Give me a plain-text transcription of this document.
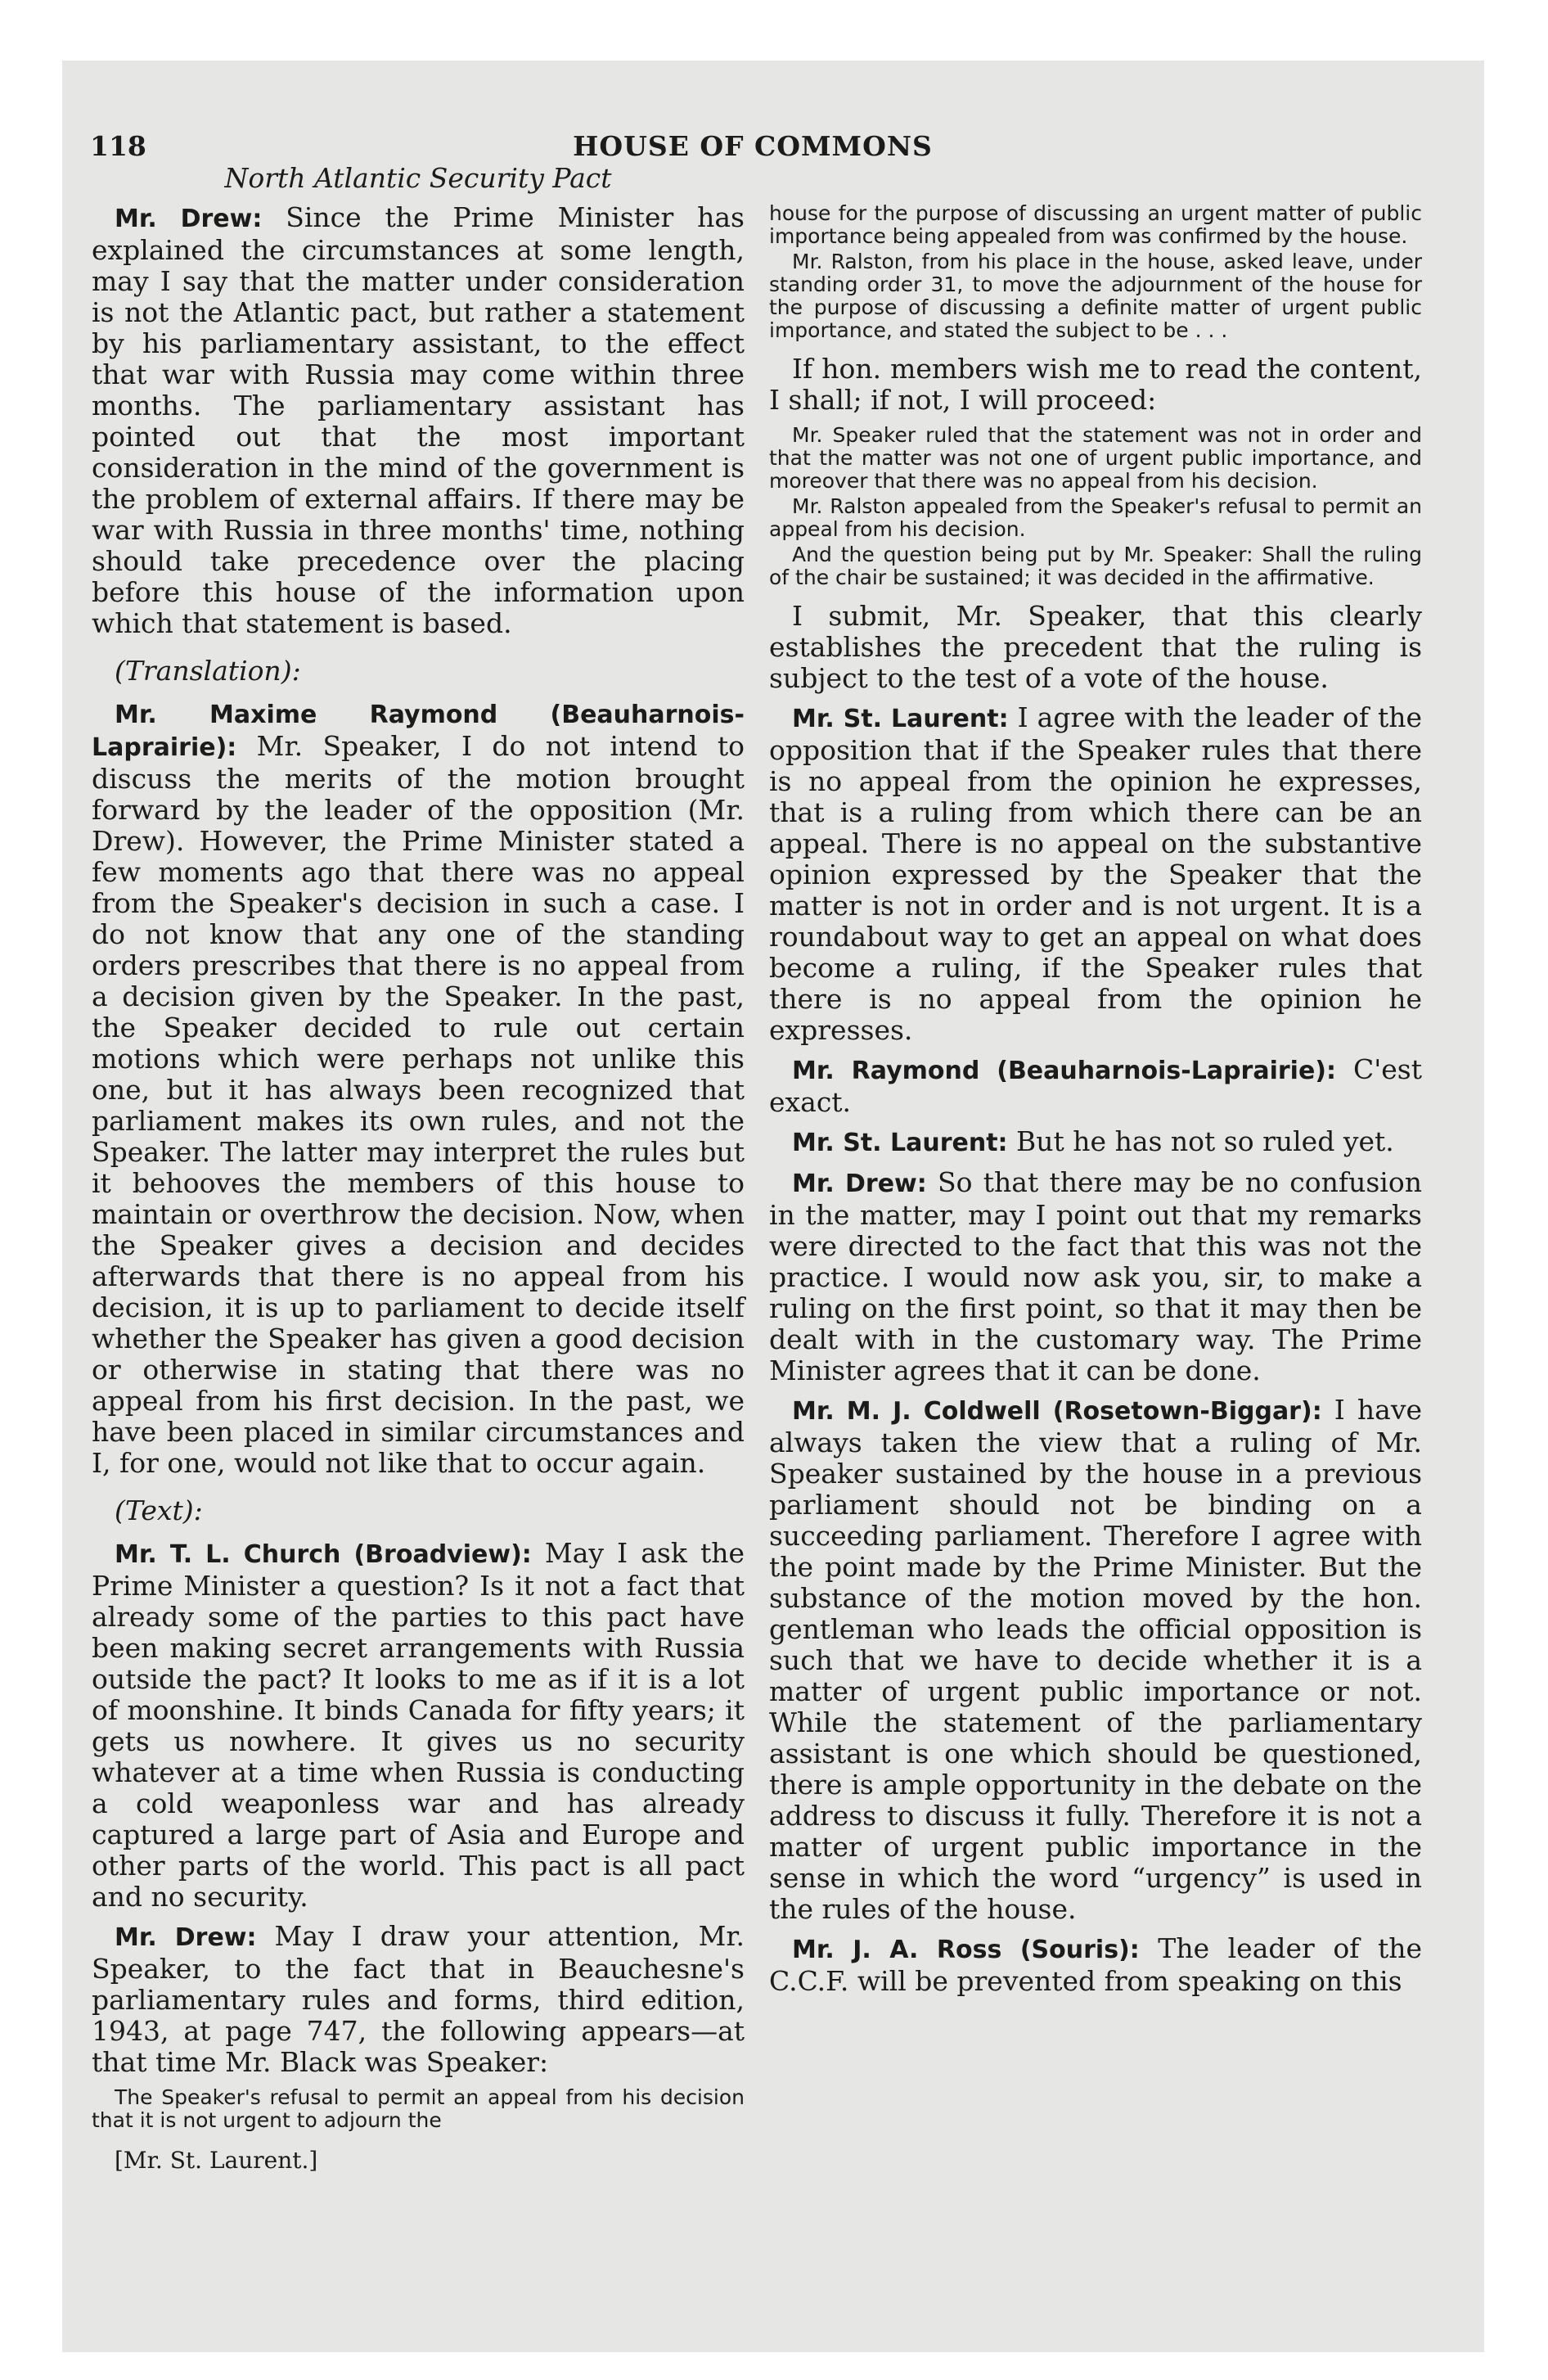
118	HOUSE OF COMMONS
North Atlantic Security Pact

Mr. Drew: Since the Prime Minister has explained the circumstances at some length, may I say that the matter under consideration is not the Atlantic pact, but rather a statement by his parliamentary assistant, to the effect that war with Russia may come within three months. The parliamentary assistant has pointed out that the most important consideration in the mind of the government is the problem of external affairs. If there may be war with Russia in three months' time, nothing should take precedence over the placing before this house of the information upon which that statement is based.

(Translation):

Mr. Maxime Raymond (Beauharnois-Laprairie): Mr. Speaker, I do not intend to discuss the merits of the motion brought forward by the leader of the opposition (Mr. Drew). However, the Prime Minister stated a few moments ago that there was no appeal from the Speaker's decision in such a case. I do not know that any one of the standing orders prescribes that there is no appeal from a decision given by the Speaker. In the past, the Speaker decided to rule out certain motions which were perhaps not unlike this one, but it has always been recognized that parliament makes its own rules, and not the Speaker. The latter may interpret the rules but it behooves the members of this house to maintain or overthrow the decision. Now, when the Speaker gives a decision and decides afterwards that there is no appeal from his decision, it is up to parliament to decide itself whether the Speaker has given a good decision or otherwise in stating that there was no appeal from his first decision. In the past, we have been placed in similar circumstances and I, for one, would not like that to occur again.

(Text):

Mr. T. L. Church (Broadview): May I ask the Prime Minister a question? Is it not a fact that already some of the parties to this pact have been making secret arrangements with Russia outside the pact? It looks to me as if it is a lot of moonshine. It binds Canada for fifty years; it gets us nowhere. It gives us no security whatever at a time when Russia is conducting a cold weaponless war and has already captured a large part of Asia and Europe and other parts of the world. This pact is all pact and no security.

Mr. Drew: May I draw your attention, Mr. Speaker, to the fact that in Beauchesne's parliamentary rules and forms, third edition, 1943, at page 747, the following appears—at that time Mr. Black was Speaker:

The Speaker's refusal to permit an appeal from his decision that it is not urgent to adjourn the
[Mr. St. Laurent.]
house for the purpose of discussing an urgent matter of public importance being appealed from was confirmed by the house.
Mr. Ralston, from his place in the house, asked leave, under standing order 31, to move the adjournment of the house for the purpose of discussing a definite matter of urgent public importance, and stated the subject to be . . .

If hon. members wish me to read the content, I shall; if not, I will proceed:

Mr. Speaker ruled that the statement was not in order and that the matter was not one of urgent public importance, and moreover that there was no appeal from his decision.
Mr. Ralston appealed from the Speaker's refusal to permit an appeal from his decision.
And the question being put by Mr. Speaker: Shall the ruling of the chair be sustained; it was decided in the affirmative.

I submit, Mr. Speaker, that this clearly establishes the precedent that the ruling is subject to the test of a vote of the house.

Mr. St. Laurent: I agree with the leader of the opposition that if the Speaker rules that there is no appeal from the opinion he expresses, that is a ruling from which there can be an appeal. There is no appeal on the substantive opinion expressed by the Speaker that the matter is not in order and is not urgent. It is a roundabout way to get an appeal on what does become a ruling, if the Speaker rules that there is no appeal from the opinion he expresses.

Mr. Raymond (Beauharnois-Laprairie): C'est exact.

Mr. St. Laurent: But he has not so ruled yet.

Mr. Drew: So that there may be no confusion in the matter, may I point out that my remarks were directed to the fact that this was not the practice. I would now ask you, sir, to make a ruling on the first point, so that it may then be dealt with in the customary way. The Prime Minister agrees that it can be done.

Mr. M. J. Coldwell (Rosetown-Biggar): I have always taken the view that a ruling of Mr. Speaker sustained by the house in a previous parliament should not be binding on a succeeding parliament. Therefore I agree with the point made by the Prime Minister. But the substance of the motion moved by the hon. gentleman who leads the official opposition is such that we have to decide whether it is a matter of urgent public importance or not. While the statement of the parliamentary assistant is one which should be questioned, there is ample opportunity in the debate on the address to discuss it fully. Therefore it is not a matter of urgent public importance in the sense in which the word “urgency” is used in the rules of the house.

Mr. J. A. Ross (Souris): The leader of the C.C.F. will be prevented from speaking on this
